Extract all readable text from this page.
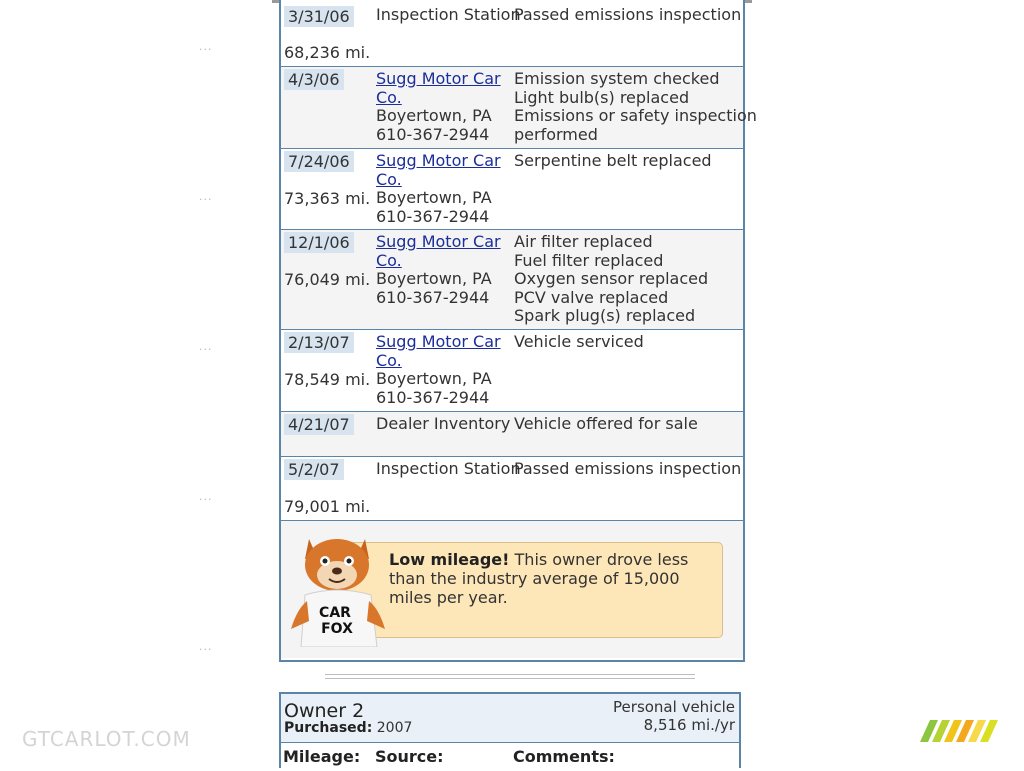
···
···
···
···
···
3/31/06
68,236 mi.
Inspection Station
Passed emissions inspection
4/3/06 Sugg Motor Car
Co.
Boyertown, PA
610-367-2944
Emission system checked
Light bulb(s) replaced
Emissions or safety inspection
performed
7/24/06
73,363 mi.
Sugg Motor Car
Co.
Boyertown, PA
610-367-2944
Serpentine belt replaced
12/1/06
76,049 mi.
Sugg Motor Car
Co.
Boyertown, PA
610-367-2944
Air filter replaced
Fuel filter replaced
Oxygen sensor replaced
PCV valve replaced
Spark plug(s) replaced
2/13/07
78,549 mi.
Sugg Motor Car
Co.
Boyertown, PA
610-367-2944
Vehicle serviced
4/21/07 Dealer Inventory Vehicle offered for sale
5/2/07
79,001 mi.
Inspection Station
Passed emissions inspection
Low mileage! This owner drove less than the industry average of 15,000 miles per year.
CAR
FOX
Owner 2
Purchased: 2007
Personal vehicle
8,516 mi./yr
Mileage: Source:	Comments:
GTCARLOT.COM
